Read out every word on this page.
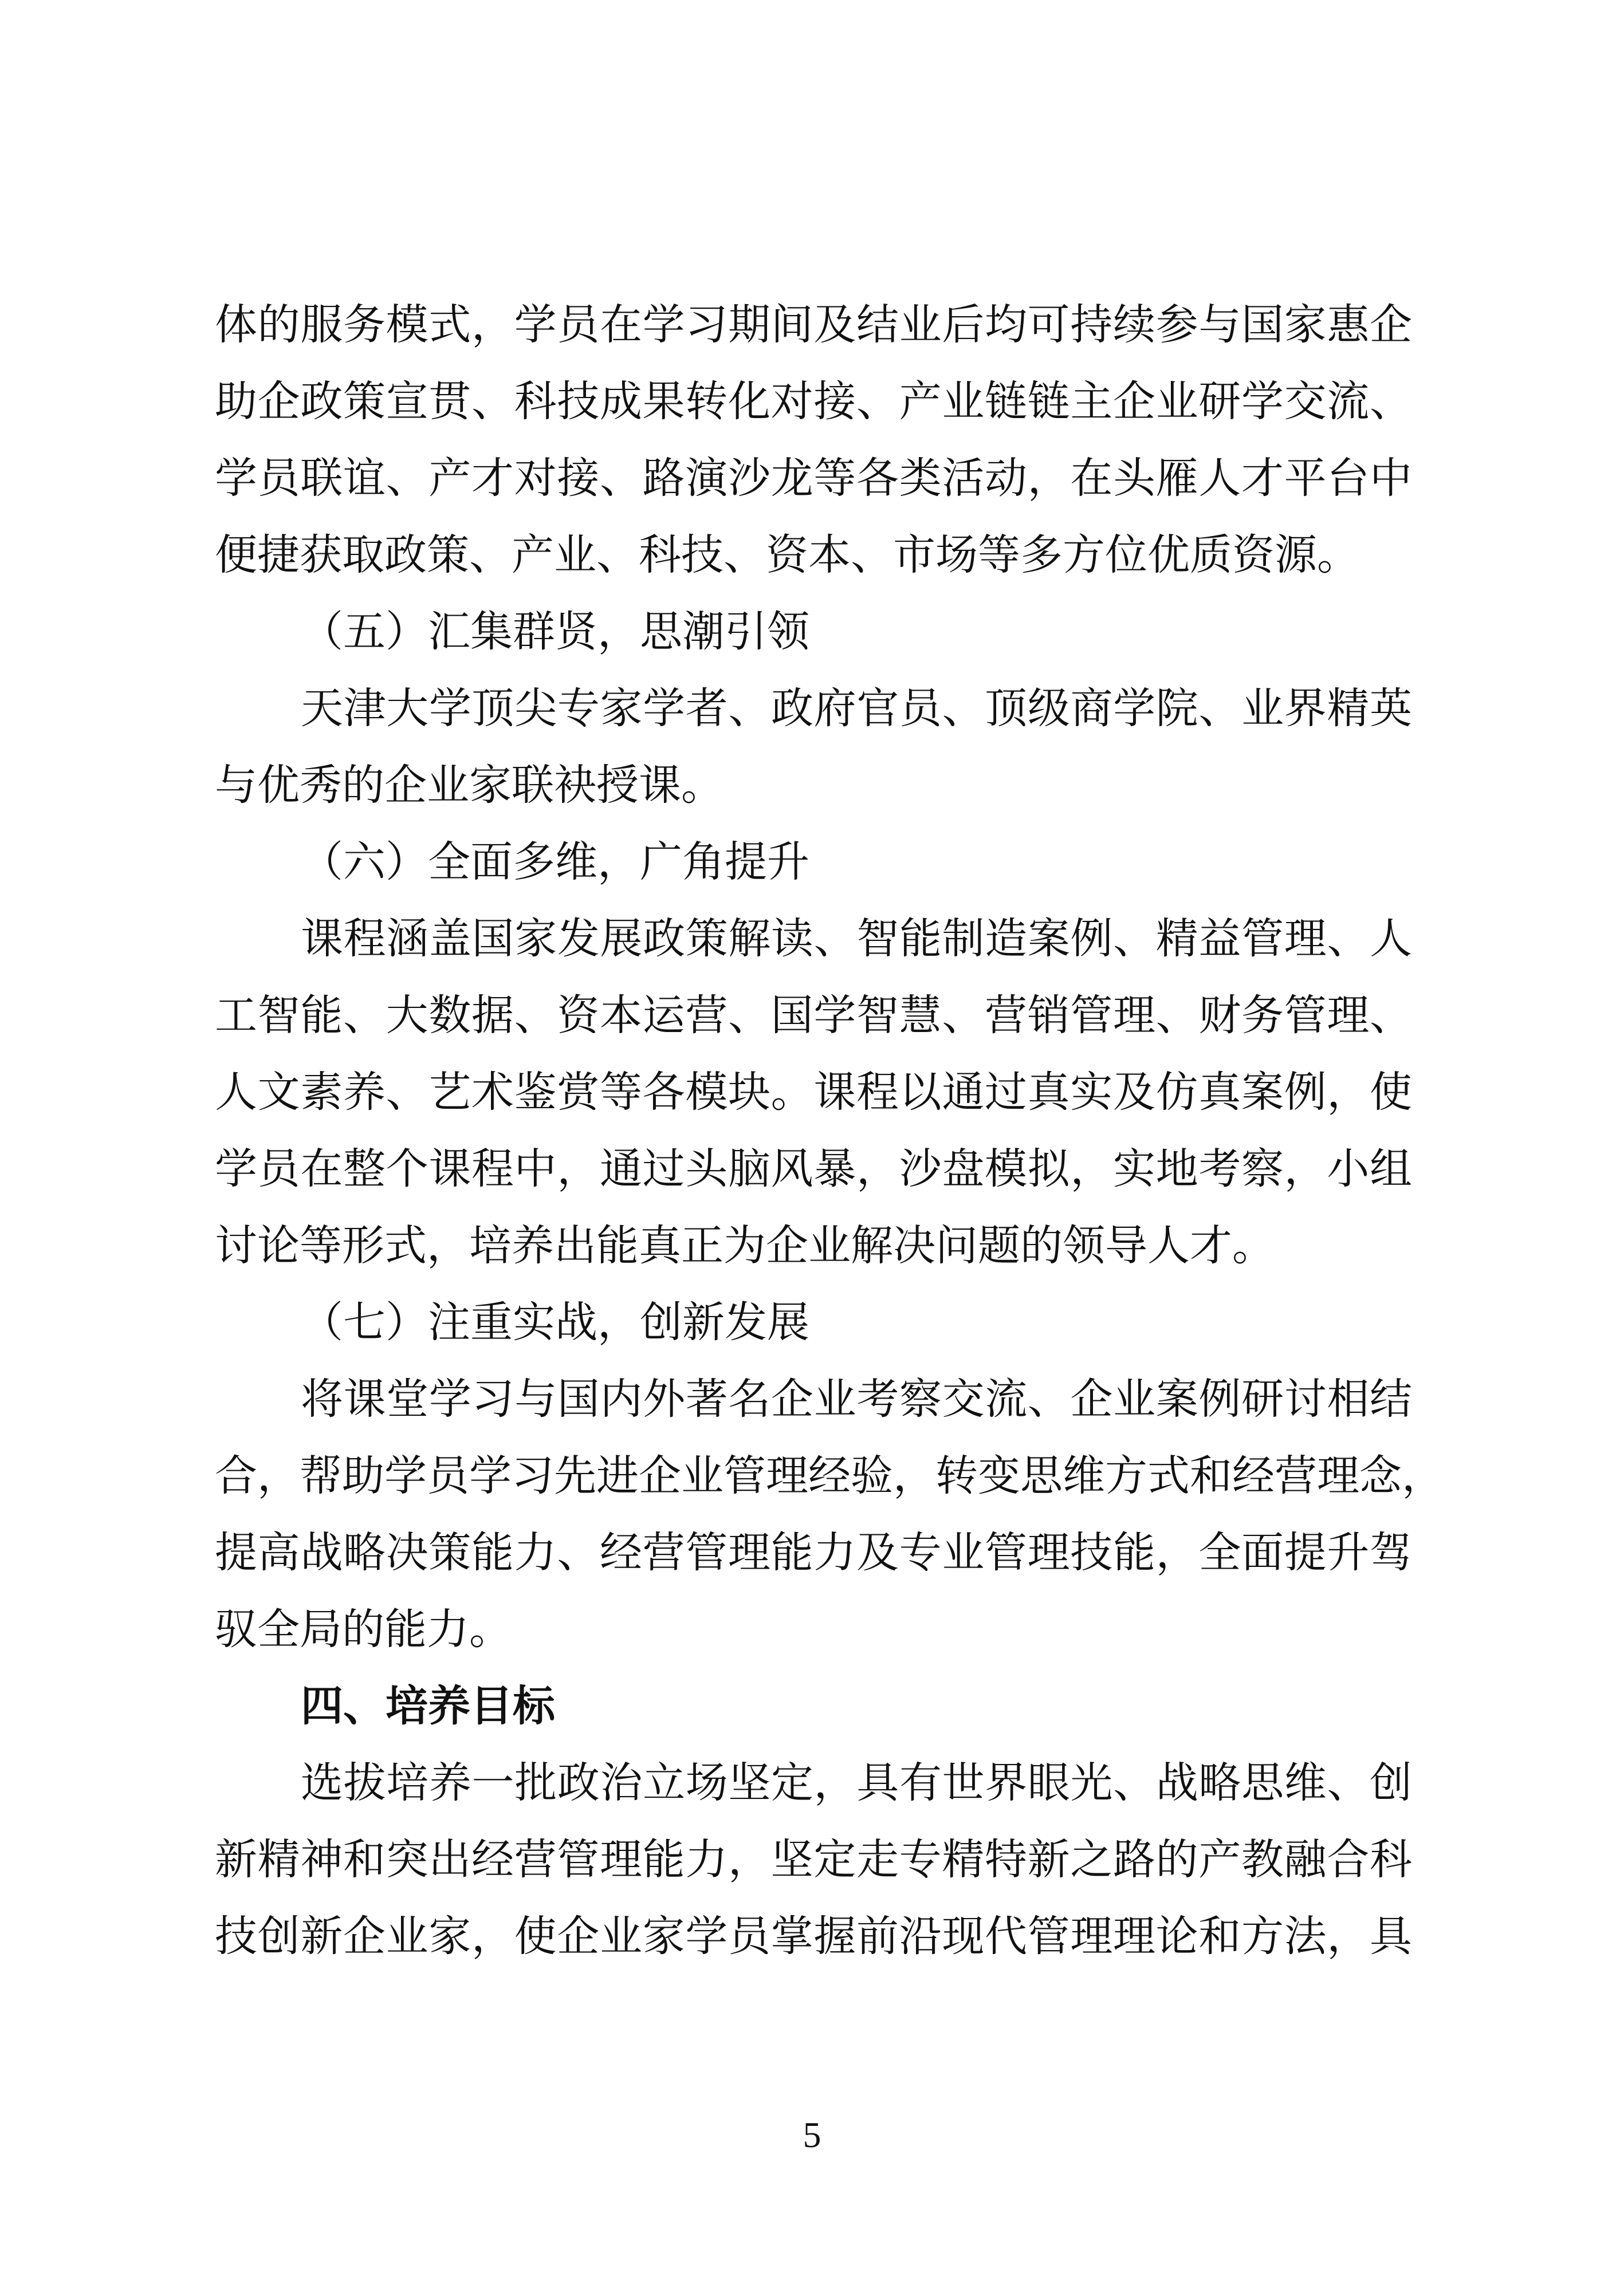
体的服务模式，学员在学习期间及结业后均可持续参与国家惠企
助企政策宣贯、科技成果转化对接、产业链链主企业研学交流、
学员联谊、产才对接、路演沙龙等各类活动，在头雁人才平台中
便捷获取政策、产业、科技、资本、市场等多方位优质资源。
（五）汇集群贤，思潮引领
天津大学顶尖专家学者、政府官员、顶级商学院、业界精英
与优秀的企业家联袂授课。
（六）全面多维，广角提升
课程涵盖国家发展政策解读、智能制造案例、精益管理、人
工智能、大数据、资本运营、国学智慧、营销管理、财务管理、
人文素养、艺术鉴赏等各模块。课程以通过真实及仿真案例，使
学员在整个课程中，通过头脑风暴，沙盘模拟，实地考察，小组
讨论等形式，培养出能真正为企业解决问题的领导人才。
（七）注重实战，创新发展
将课堂学习与国内外著名企业考察交流、企业案例研讨相结
合，帮助学员学习先进企业管理经验，转变思维方式和经营理念，
提高战略决策能力、经营管理能力及专业管理技能，全面提升驾
驭全局的能力。
四、培养目标
选拔培养一批政治立场坚定，具有世界眼光、战略思维、创
新精神和突出经营管理能力，坚定走专精特新之路的产教融合科
技创新企业家，使企业家学员掌握前沿现代管理理论和方法，具
5
